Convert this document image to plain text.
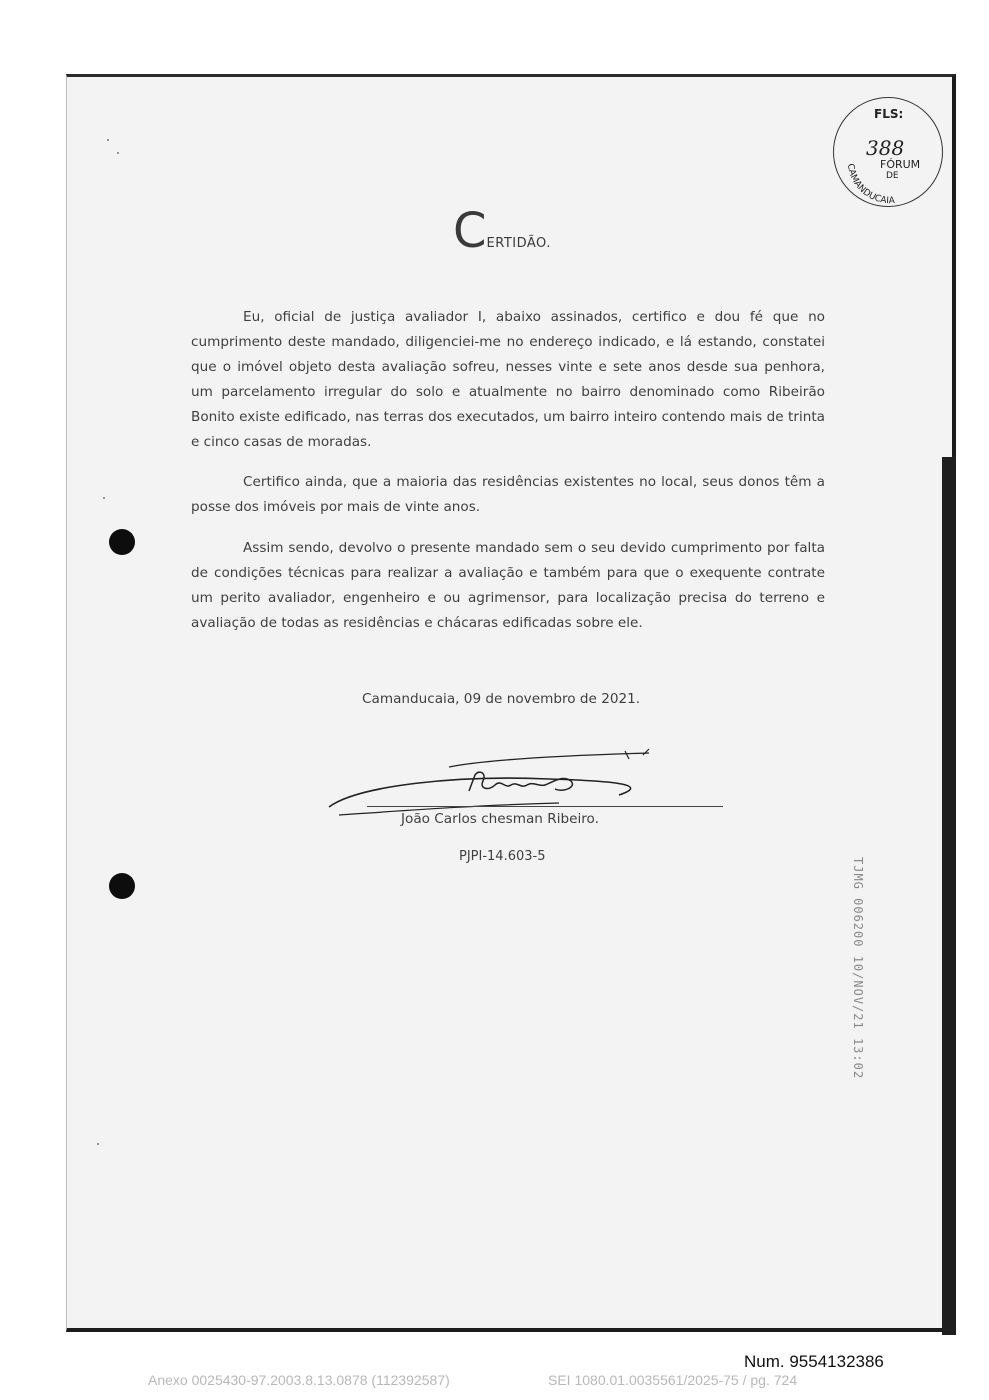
CAMANDUCAIA
FLS:
388
FÓRUM
DE
CERTIDÃO.

Eu, oficial de justiça avaliador I, abaixo assinados, certifico e dou fé que no cumprimento deste mandado, diligenciei-me no endereço indicado, e lá estando, constatei que o imóvel objeto desta avaliação sofreu, nesses vinte e sete anos desde sua penhora, um parcelamento irregular do solo e atualmente no bairro denominado como Ribeirão Bonito existe edificado, nas terras dos executados, um bairro inteiro contendo mais de trinta e cinco casas de moradas.

Certifico ainda, que a maioria das residências existentes no local, seus donos têm a posse dos imóveis por mais de vinte anos.

Assim sendo, devolvo o presente mandado sem o seu devido cumprimento por falta de condições técnicas para realizar a avaliação e também para que o exequente contrate um perito avaliador, engenheiro e ou agrimensor, para localização precisa do terreno e avaliação de todas as residências e chácaras edificadas sobre ele.

Camanducaia, 09 de novembro de 2021.
João Carlos chesman Ribeiro.
PJPI-14.603-5
TJMG 006200 10/NOV/21 13:02
Num. 9554132386
Anexo 0025430-97.2003.8.13.0878 (112392587)	SEI 1080.01.0035561/2025-75 / pg. 724
